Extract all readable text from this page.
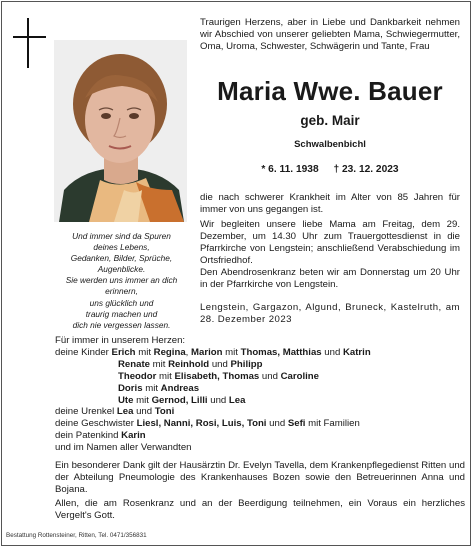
Und immer sind da Spuren
deines Lebens,
Gedanken, Bilder, Sprüche,
Augenblicke.
Sie werden uns immer an dich
erinnern,
uns glücklich und
traurig machen und
dich nie vergessen lassen.
Traurigen Herzens, aber in Liebe und Dankbarkeit nehmen wir Abschied von unserer geliebten Mama, Schwiegermutter, Oma, Uroma, Schwester, Schwägerin und Tante, Frau
Maria Wwe. Bauer
geb. Mair
Schwalbenbichl
* 6. 11. 1938 † 23. 12. 2023
die nach schwerer Krankheit im Alter von 85 Jahren für immer von uns gegangen ist.
Wir begleiten unsere liebe Mama am Freitag, dem 29. Dezember, um 14.30 Uhr zum Trauergottesdienst in die Pfarrkirche von Lengstein; anschließend Verabschiedung im Ortsfriedhof.
Den Abendrosenkranz beten wir am Donnerstag um 20 Uhr in der Pfarrkirche von Lengstein.
Lengstein, Gargazon, Algund, Bruneck, Kastelruth, am 28. Dezember 2023
Für immer in unserem Herzen:
deine Kinder Erich mit Regina, Marion mit Thomas, Matthias und Katrin
Renate mit Reinhold und Philipp
Theodor mit Elisabeth, Thomas und Caroline
Doris mit Andreas
Ute mit Gernod, Lilli und Lea
deine Urenkel Lea und Toni
deine Geschwister Liesl, Nanni, Rosi, Luis, Toni und Sefi mit Familien
dein Patenkind Karin
und im Namen aller Verwandten
Ein besonderer Dank gilt der Hausärztin Dr. Evelyn Tavella, dem Krankenpflegedienst Ritten und der Abteilung Pneumologie des Krankenhauses Bozen sowie den Betreuerinnen Anna und Bojana.
Allen, die am Rosenkranz und an der Beerdigung teilnehmen, ein Voraus ein herzliches Vergelt's Gott.
Bestattung Rottensteiner, Ritten, Tel. 0471/356831
